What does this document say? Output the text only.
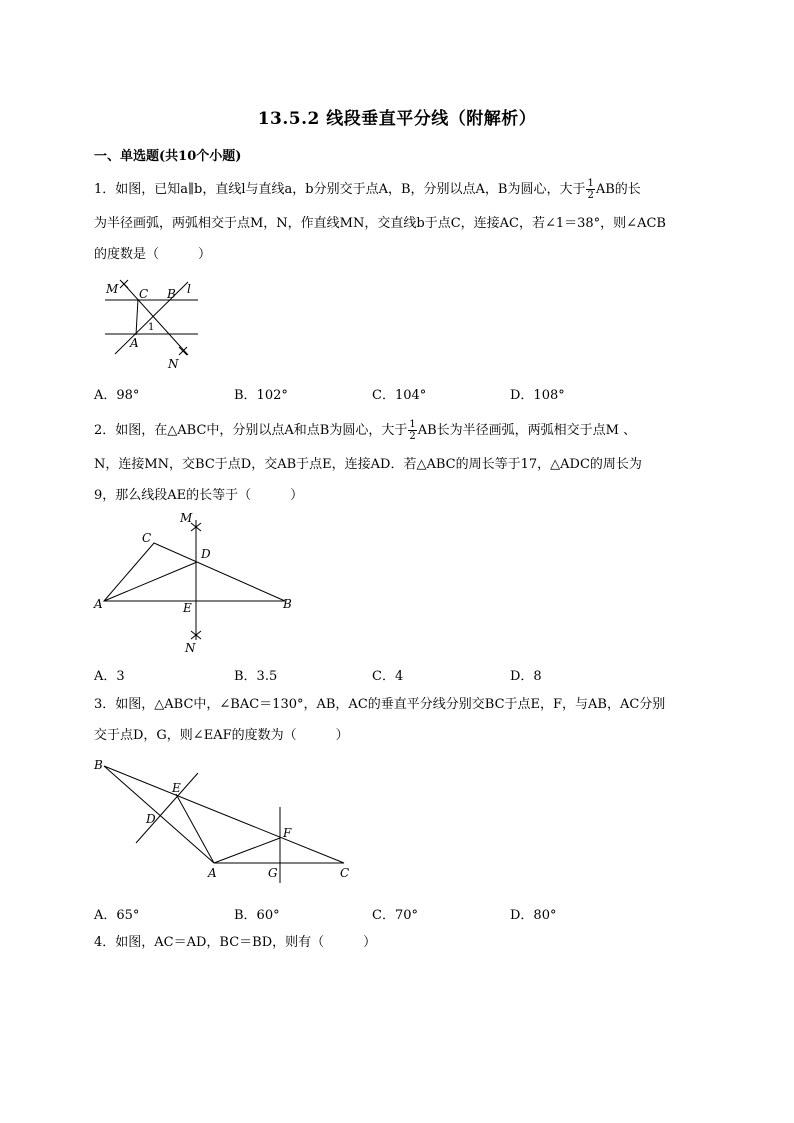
13.5.2 线段垂直平分线（附解析）
一、单选题(共10个小题)
1．如图，已知a∥b，直线l与直线a，b分别交于点A，B，分别以点A，B为圆心，大于 $\frac{1}{2}$ AB的长
为半径画弧，两弧相交于点M，N，作直线MN，交直线b于点C，连接AC，若∠1＝38°，则∠ACB
的度数是（　　　）
M C B l
1
A
N
A．98°	B．102°	C．104°	D．108°
2．如图，在△ABC中，分别以点A和点B为圆心，大于 $\frac{1}{2}$ AB长为半径画弧，两弧相交于点M 、
N，连接MN，交BC于点D，交AB于点E，连接AD．若△ABC的周长等于17，△ADC的周长为
9，那么线段AE的长等于（　　　）
M
C
D
A	E	B
N
A．3	B．3.5	C．4	D．8
3．如图，△ABC中，∠BAC＝130°，AB，AC的垂直平分线分别交BC于点E，F，与AB，AC分别
交于点D，G，则∠EAF的度数为（　　　）
B
E
D
F
A	G	C
A．65°	B．60°	C．70°	D．80°
4．如图，AC＝AD，BC＝BD，则有（　　　）
